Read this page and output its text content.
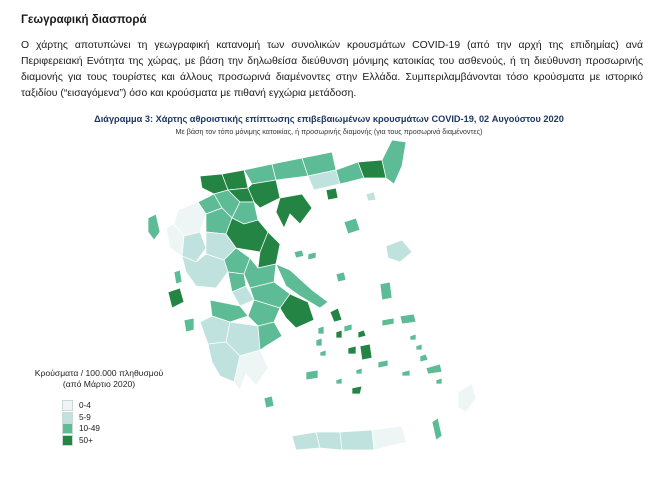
Γεωγραφική διασπορά

Ο χάρτης αποτυπώνει τη γεωγραφική κατανομή των συνολικών κρουσμάτων COVID-19 (από την αρχή της επιδημίας) ανά Περιφερειακή Ενότητα της χώρας, με βάση την δηλωθείσα διεύθυνση μόνιμης κατοικίας του ασθενούς, ή τη διεύθυνση προσωρινής διαμονής για τους τουρίστες και άλλους προσωρινά διαμένοντες στην Ελλάδα. Συμπεριλαμβάνονται τόσο κρούσματα με ιστορικό ταξιδίου (“εισαγόμενα”) όσο και κρούσματα με πιθανή εγχώρια μετάδοση.

Διάγραμμα 3: Χάρτης αθροιστικής επίπτωσης επιβεβαιωμένων κρουσμάτων COVID-19, 02 Αυγούστου 2020
Με βάση τον τόπο μόνιμης κατοικίας, ή προσωρινής διαμονής (για τους προσωρινά διαμένοντες)
Κρούσματα / 100.000 πληθυσμού
(από Μάρτιο 2020)
0-4
5-9
10-49
50+
